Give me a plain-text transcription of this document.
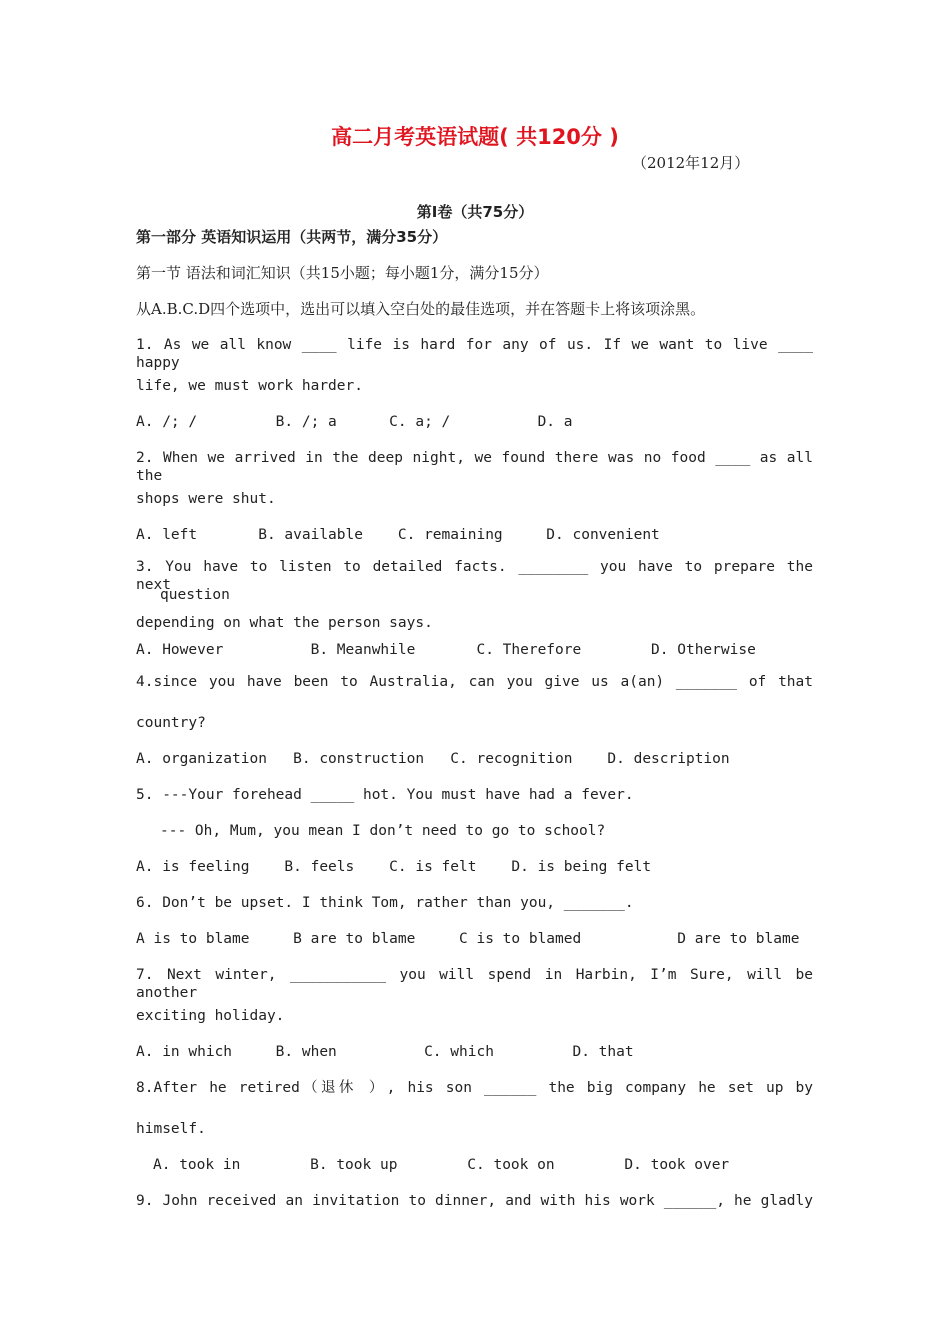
高二月考英语试题( 共120分 )
（2012年12月）
第Ⅰ卷（共75分）
第一部分 英语知识运用（共两节，满分35分）
第一节 语法和词汇知识（共15小题；每小题1分，满分15分）
从A.B.C.D四个选项中，选出可以填入空白处的最佳选项，并在答题卡上将该项涂黑。
1. As we all know ____ life is hard for any of us. If we want to live ____ happy
life, we must work harder.
A. /; /         B. /; a      C. a; /          D. a
2. When we arrived in the deep night, we found there was no food ____ as all the
shops were shut.
A. left       B. available    C. remaining     D. convenient
3. You have to listen to detailed facts. ________ you have to prepare the next
question
depending on what the person says.
A. However          B. Meanwhile       C. Therefore        D. Otherwise
4.since you have been to Australia, can you give us a(an) _______ of that
country?
A. organization   B. construction   C. recognition    D. description
5. ---Your forehead _____ hot. You must have had a fever.
--- Oh, Mum, you mean I don’t need to go to school?
A. is feeling    B. feels    C. is felt    D. is being felt
6. Don’t be upset. I think Tom, rather than you, _______.
A is to blame     B are to blame     C is to blamed           D are to blame
7. Next winter, ___________ you will spend in Harbin, I’m Sure, will be another
exciting holiday.
A. in which     B. when          C. which         D. that
8.After he retired（退休 ）, his son ______ the big company he set up by
himself.
A. took in        B. took up        C. took on        D. took over
9. John received an invitation to dinner, and with his work ______, he gladly
